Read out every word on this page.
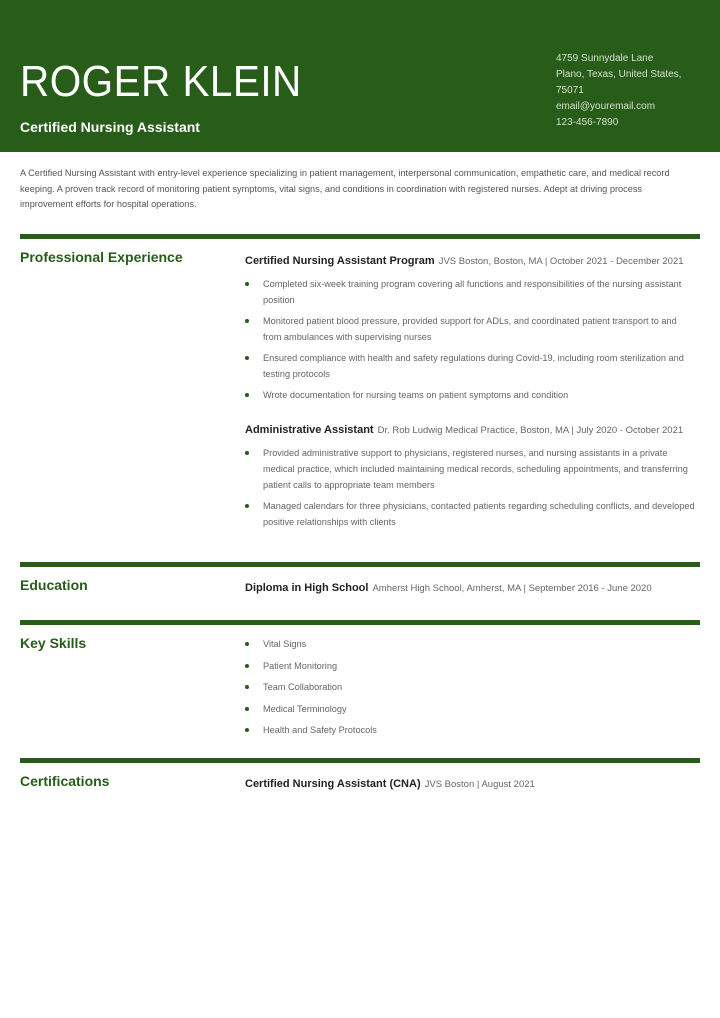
ROGER KLEIN
Certified Nursing Assistant
4759 Sunnydale Lane
Plano, Texas, United States,
75071
email@youremail.com
123-456-7890
A Certified Nursing Assistant with entry-level experience specializing in patient management, interpersonal communication, empathetic care, and medical record keeping. A proven track record of monitoring patient symptoms, vital signs, and conditions in coordination with registered nurses. Adept at driving process improvement efforts for hospital operations.
Professional Experience	Certified Nursing Assistant Program JVS Boston, Boston, MA | October 2021 - December 2021
Completed six-week training program covering all functions and responsibilities of the nursing assistant position
Monitored patient blood pressure, provided support for ADLs, and coordinated patient transport to and from ambulances with supervising nurses
Ensured compliance with health and safety regulations during Covid-19, including room sterilization and testing protocols
Wrote documentation for nursing teams on patient symptoms and condition
Administrative Assistant Dr. Rob Ludwig Medical Practice, Boston, MA | July 2020 - October 2021
Provided administrative support to physicians, registered nurses, and nursing assistants in a private medical practice, which included maintaining medical records, scheduling appointments, and transferring patient calls to appropriate team members
Managed calendars for three physicians, contacted patients regarding scheduling conflicts, and developed positive relationships with clients
Education	Diploma in High School Amherst High School, Amherst, MA | September 2016 - June 2020
Key Skills	Vital Signs
Patient Monitoring
Team Collaboration
Medical Terminology
Health and Safety Protocols
Certifications	Certified Nursing Assistant (CNA) JVS Boston | August 2021
